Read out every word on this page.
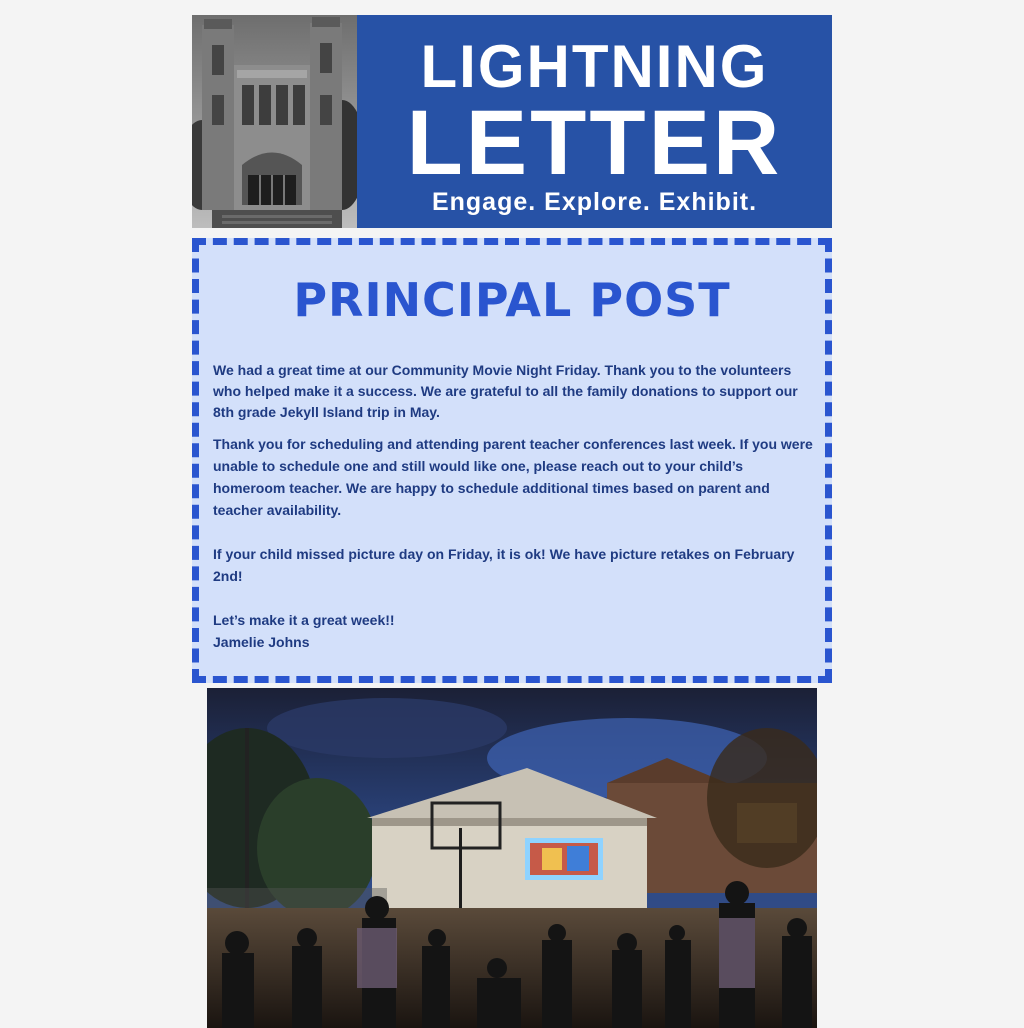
LIGHTNING
LETTER
Engage. Explore. Exhibit.
PRINCIPAL POST

We had a great time at our Community Movie Night Friday. Thank you to the volunteers who helped make it a success. We are grateful to all the family donations to support our 8th grade Jekyll Island trip in May.

Thank you for scheduling and attending parent teacher conferences last week. If you were unable to schedule one and still would like one, please reach out to your child’s homeroom teacher. We are happy to schedule additional times based on parent and teacher availability.

If your child missed picture day on Friday, it is ok! We have picture retakes on February 2nd!

Let’s make it a great week!!

Jamelie Johns
